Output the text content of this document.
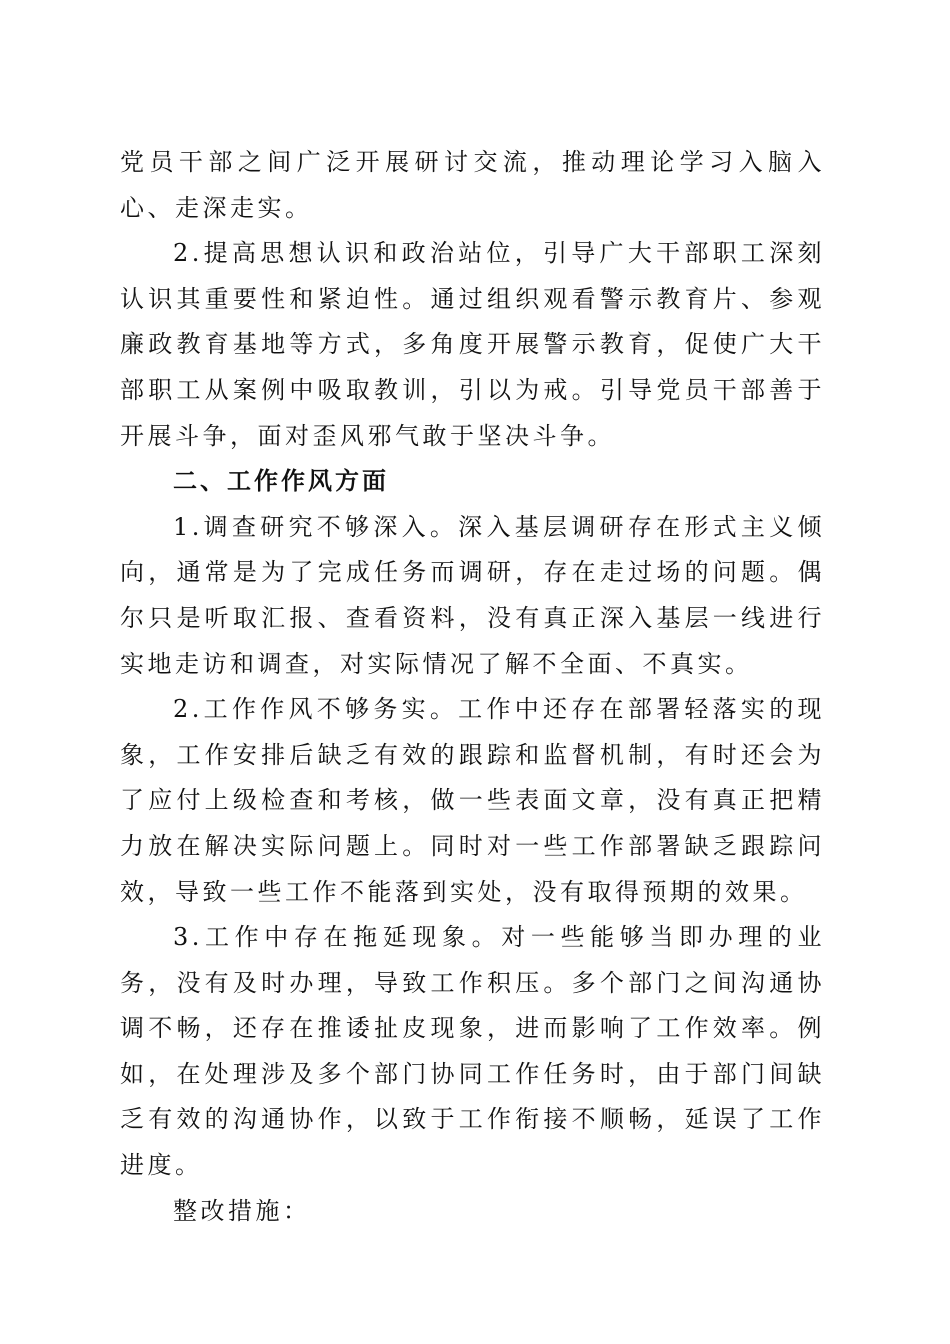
党员干部之间广泛开展研讨交流，推动理论学习入脑入心、走深走实。

2.提高思想认识和政治站位，引导广大干部职工深刻认识其重要性和紧迫性。通过组织观看警示教育片、参观廉政教育基地等方式，多角度开展警示教育，促使广大干部职工从案例中吸取教训，引以为戒。引导党员干部善于开展斗争，面对歪风邪气敢于坚决斗争。

二、工作作风方面

1.调查研究不够深入。深入基层调研存在形式主义倾向，通常是为了完成任务而调研，存在走过场的问题。偶尔只是听取汇报、查看资料，没有真正深入基层一线进行实地走访和调查，对实际情况了解不全面、不真实。

2.工作作风不够务实。工作中还存在部署轻落实的现象，工作安排后缺乏有效的跟踪和监督机制，有时还会为了应付上级检查和考核，做一些表面文章，没有真正把精力放在解决实际问题上。同时对一些工作部署缺乏跟踪问效，导致一些工作不能落到实处，没有取得预期的效果。

3.工作中存在拖延现象。对一些能够当即办理的业务，没有及时办理，导致工作积压。多个部门之间沟通协调不畅，还存在推诿扯皮现象，进而影响了工作效率。例如，在处理涉及多个部门协同工作任务时，由于部门间缺乏有效的沟通协作，以致于工作衔接不顺畅，延误了工作进度。

整改措施：
